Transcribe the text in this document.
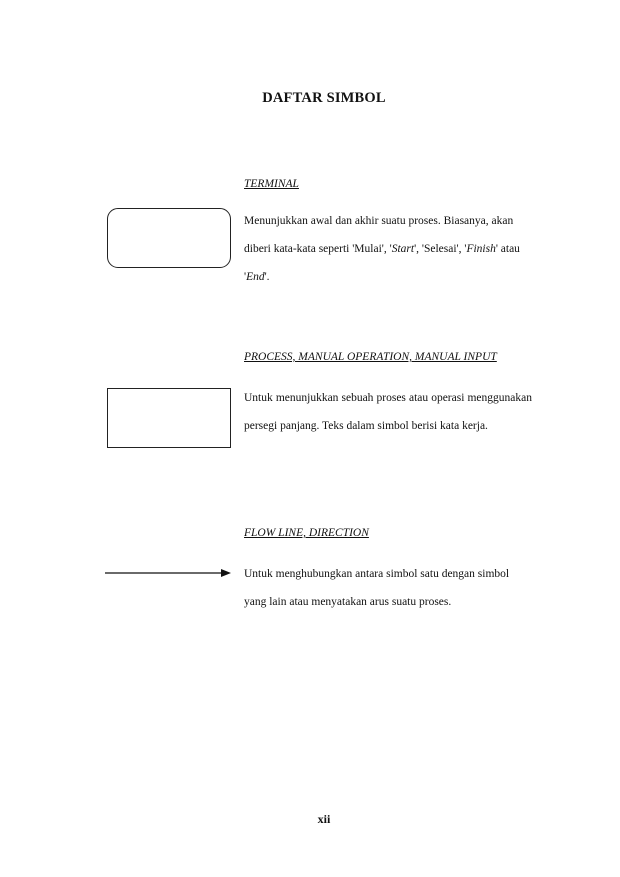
DAFTAR SIMBOL
TERMINAL
Menunjukkan awal dan akhir suatu proses. Biasanya, akan diberi kata-kata seperti 'Mulai', 'Start', 'Selesai', 'Finish' atau 'End'.
PROCESS, MANUAL OPERATION, MANUAL INPUT
Untuk menunjukkan sebuah proses atau operasi menggunakan persegi panjang. Teks dalam simbol berisi kata kerja.
FLOW LINE, DIRECTION
Untuk menghubungkan antara simbol satu dengan simbol yang lain atau menyatakan arus suatu proses.
xii
